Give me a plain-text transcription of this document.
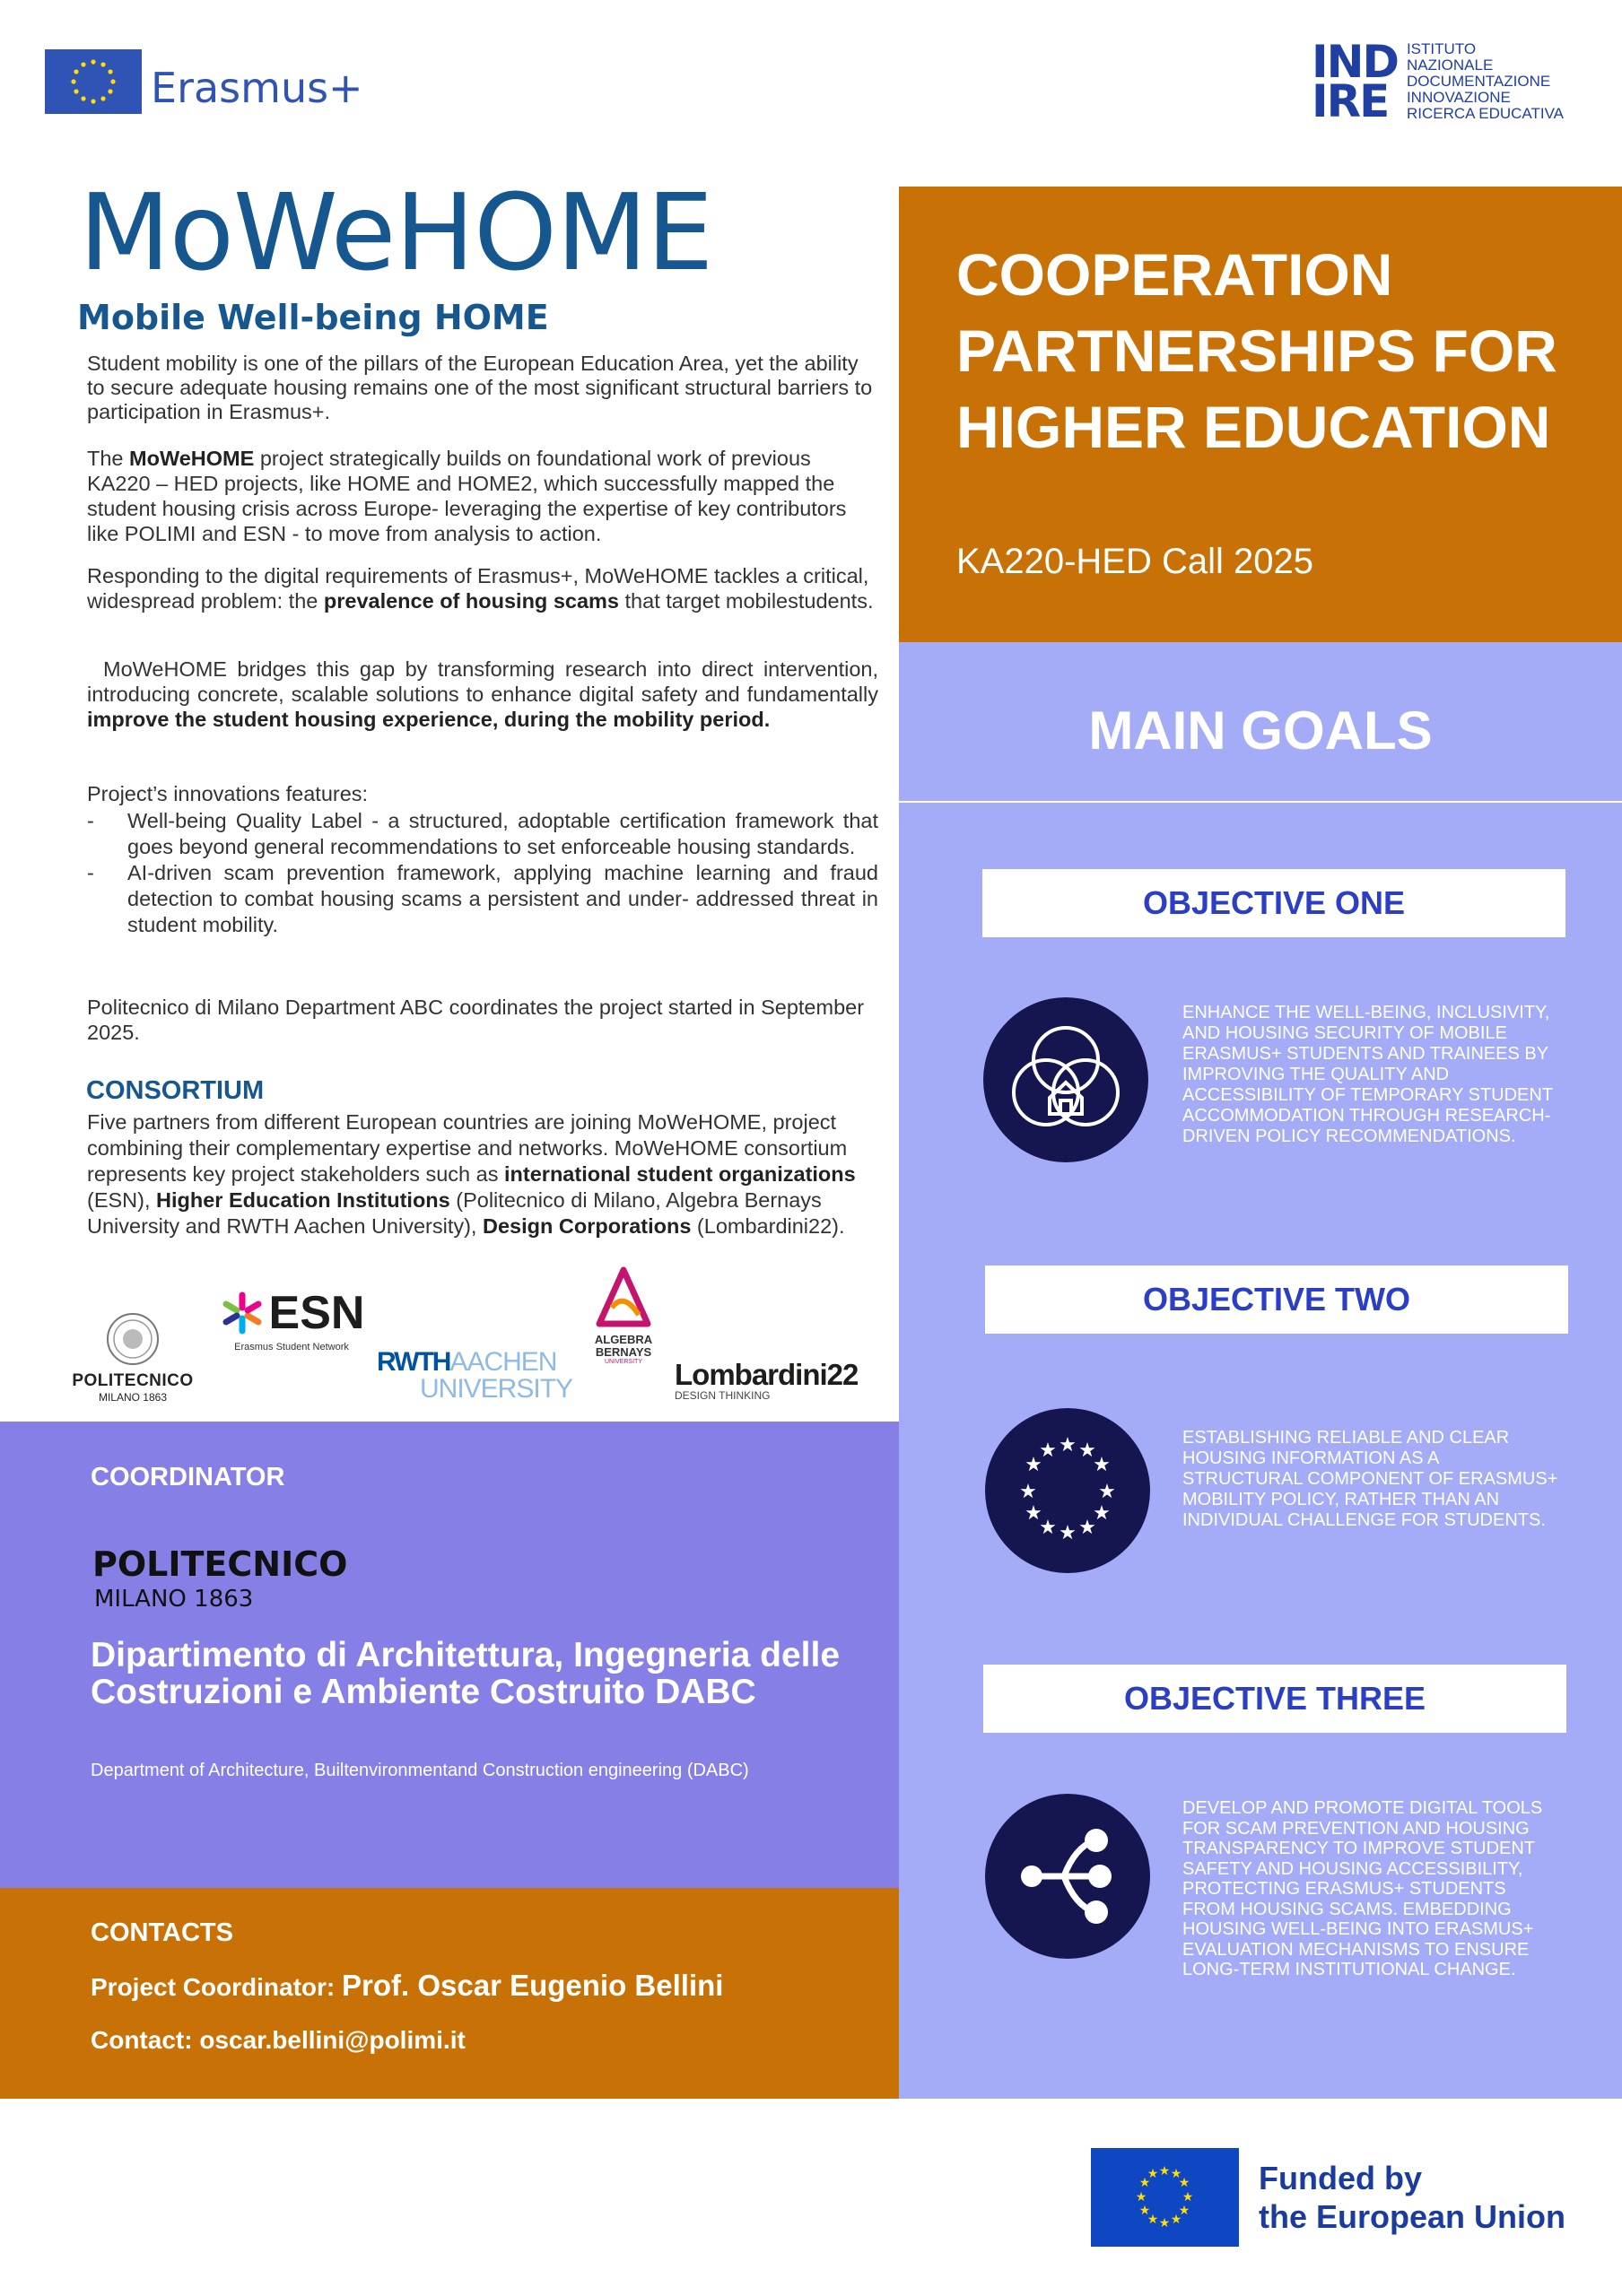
Erasmus+	IND
IRE
ISTITUTO
NAZIONALE
DOCUMENTAZIONE
INNOVAZIONE
RICERCA EDUCATIVA
MoWeHOME
Mobile Well-being HOME

Student mobility is one of the pillars of the European Education Area, yet the ability to secure adequate housing remains one of the most significant structural barriers to participation in Erasmus+.

The MoWeHOME project strategically builds on foundational work of previous KA220 – HED projects, like HOME and HOME2, which successfully mapped the student housing crisis across Europe- leveraging the expertise of key contributors like POLIMI and ESN - to move from analysis to action.

Responding to the digital requirements of Erasmus+, MoWeHOME tackles a critical, widespread problem: the prevalence of housing scams that target mobilestudents.

MoWeHOME bridges this gap by transforming research into direct intervention, introducing concrete, scalable solutions to enhance digital safety and fundamentally improve the student housing experience, during the mobility period.

Project’s innovations features:

- Well-being Quality Label - a structured, adoptable certification framework that goes beyond general recommendations to set enforceable housing standards.
- AI-driven scam prevention framework, applying machine learning and fraud detection to combat housing scams a persistent and under- addressed threat in student mobility.

Politecnico di Milano Department ABC coordinates the project started in September 2025.

CONSORTIUM

Five partners from different European countries are joining MoWeHOME, project combining their complementary expertise and networks. MoWeHOME consortium represents key project stakeholders such as international student organizations (ESN), Higher Education Institutions (Politecnico di Milano, Algebra Bernays University and RWTH Aachen University), Design Corporations (Lombardini22).

POLITECNICO
MILANO 1863
ESN
Erasmus Student Network	RWTHAACHEN
UNIVERSITY
ALGEBRA
BERNAYS
UNIVERSITY	Lombardini22
DESIGN THINKING
COORDINATOR
POLITECNICO
MILANO 1863
Dipartimento di Architettura, Ingegneria delle Costruzioni e Ambiente Costruito DABC
Department of Architecture, Builtenvironmentand Construction engineering (DABC)
CONTACTS
Project Coordinator: Prof. Oscar Eugenio Bellini
Contact: oscar.bellini@polimi.it
COOPERATION PARTNERSHIPS FOR HIGHER EDUCATION
KA220-HED Call 2025
MAIN GOALS
OBJECTIVE ONE
ENHANCE THE WELL-BEING, INCLUSIVITY, AND HOUSING SECURITY OF MOBILE ERASMUS+ STUDENTS AND TRAINEES BY IMPROVING THE QUALITY AND ACCESSIBILITY OF TEMPORARY STUDENT ACCOMMODATION THROUGH RESEARCH-DRIVEN POLICY RECOMMENDATIONS.
OBJECTIVE TWO
★ ★
★
★
★
★
★
★
★
★
★
★
ESTABLISHING RELIABLE AND CLEAR HOUSING INFORMATION AS A STRUCTURAL COMPONENT OF ERASMUS+ MOBILITY POLICY, RATHER THAN AN INDIVIDUAL CHALLENGE FOR STUDENTS.
OBJECTIVE THREE
DEVELOP AND PROMOTE DIGITAL TOOLS FOR SCAM PREVENTION AND HOUSING TRANSPARENCY TO IMPROVE STUDENT SAFETY AND HOUSING ACCESSIBILITY, PROTECTING ERASMUS+ STUDENTS FROM HOUSING SCAMS. EMBEDDING HOUSING WELL-BEING INTO ERASMUS+ EVALUATION MECHANISMS TO ENSURE LONG-TERM INSTITUTIONAL CHANGE.
★ ★
★
★
★
★
★
★
★
★
★
★	Funded by
the European Union
